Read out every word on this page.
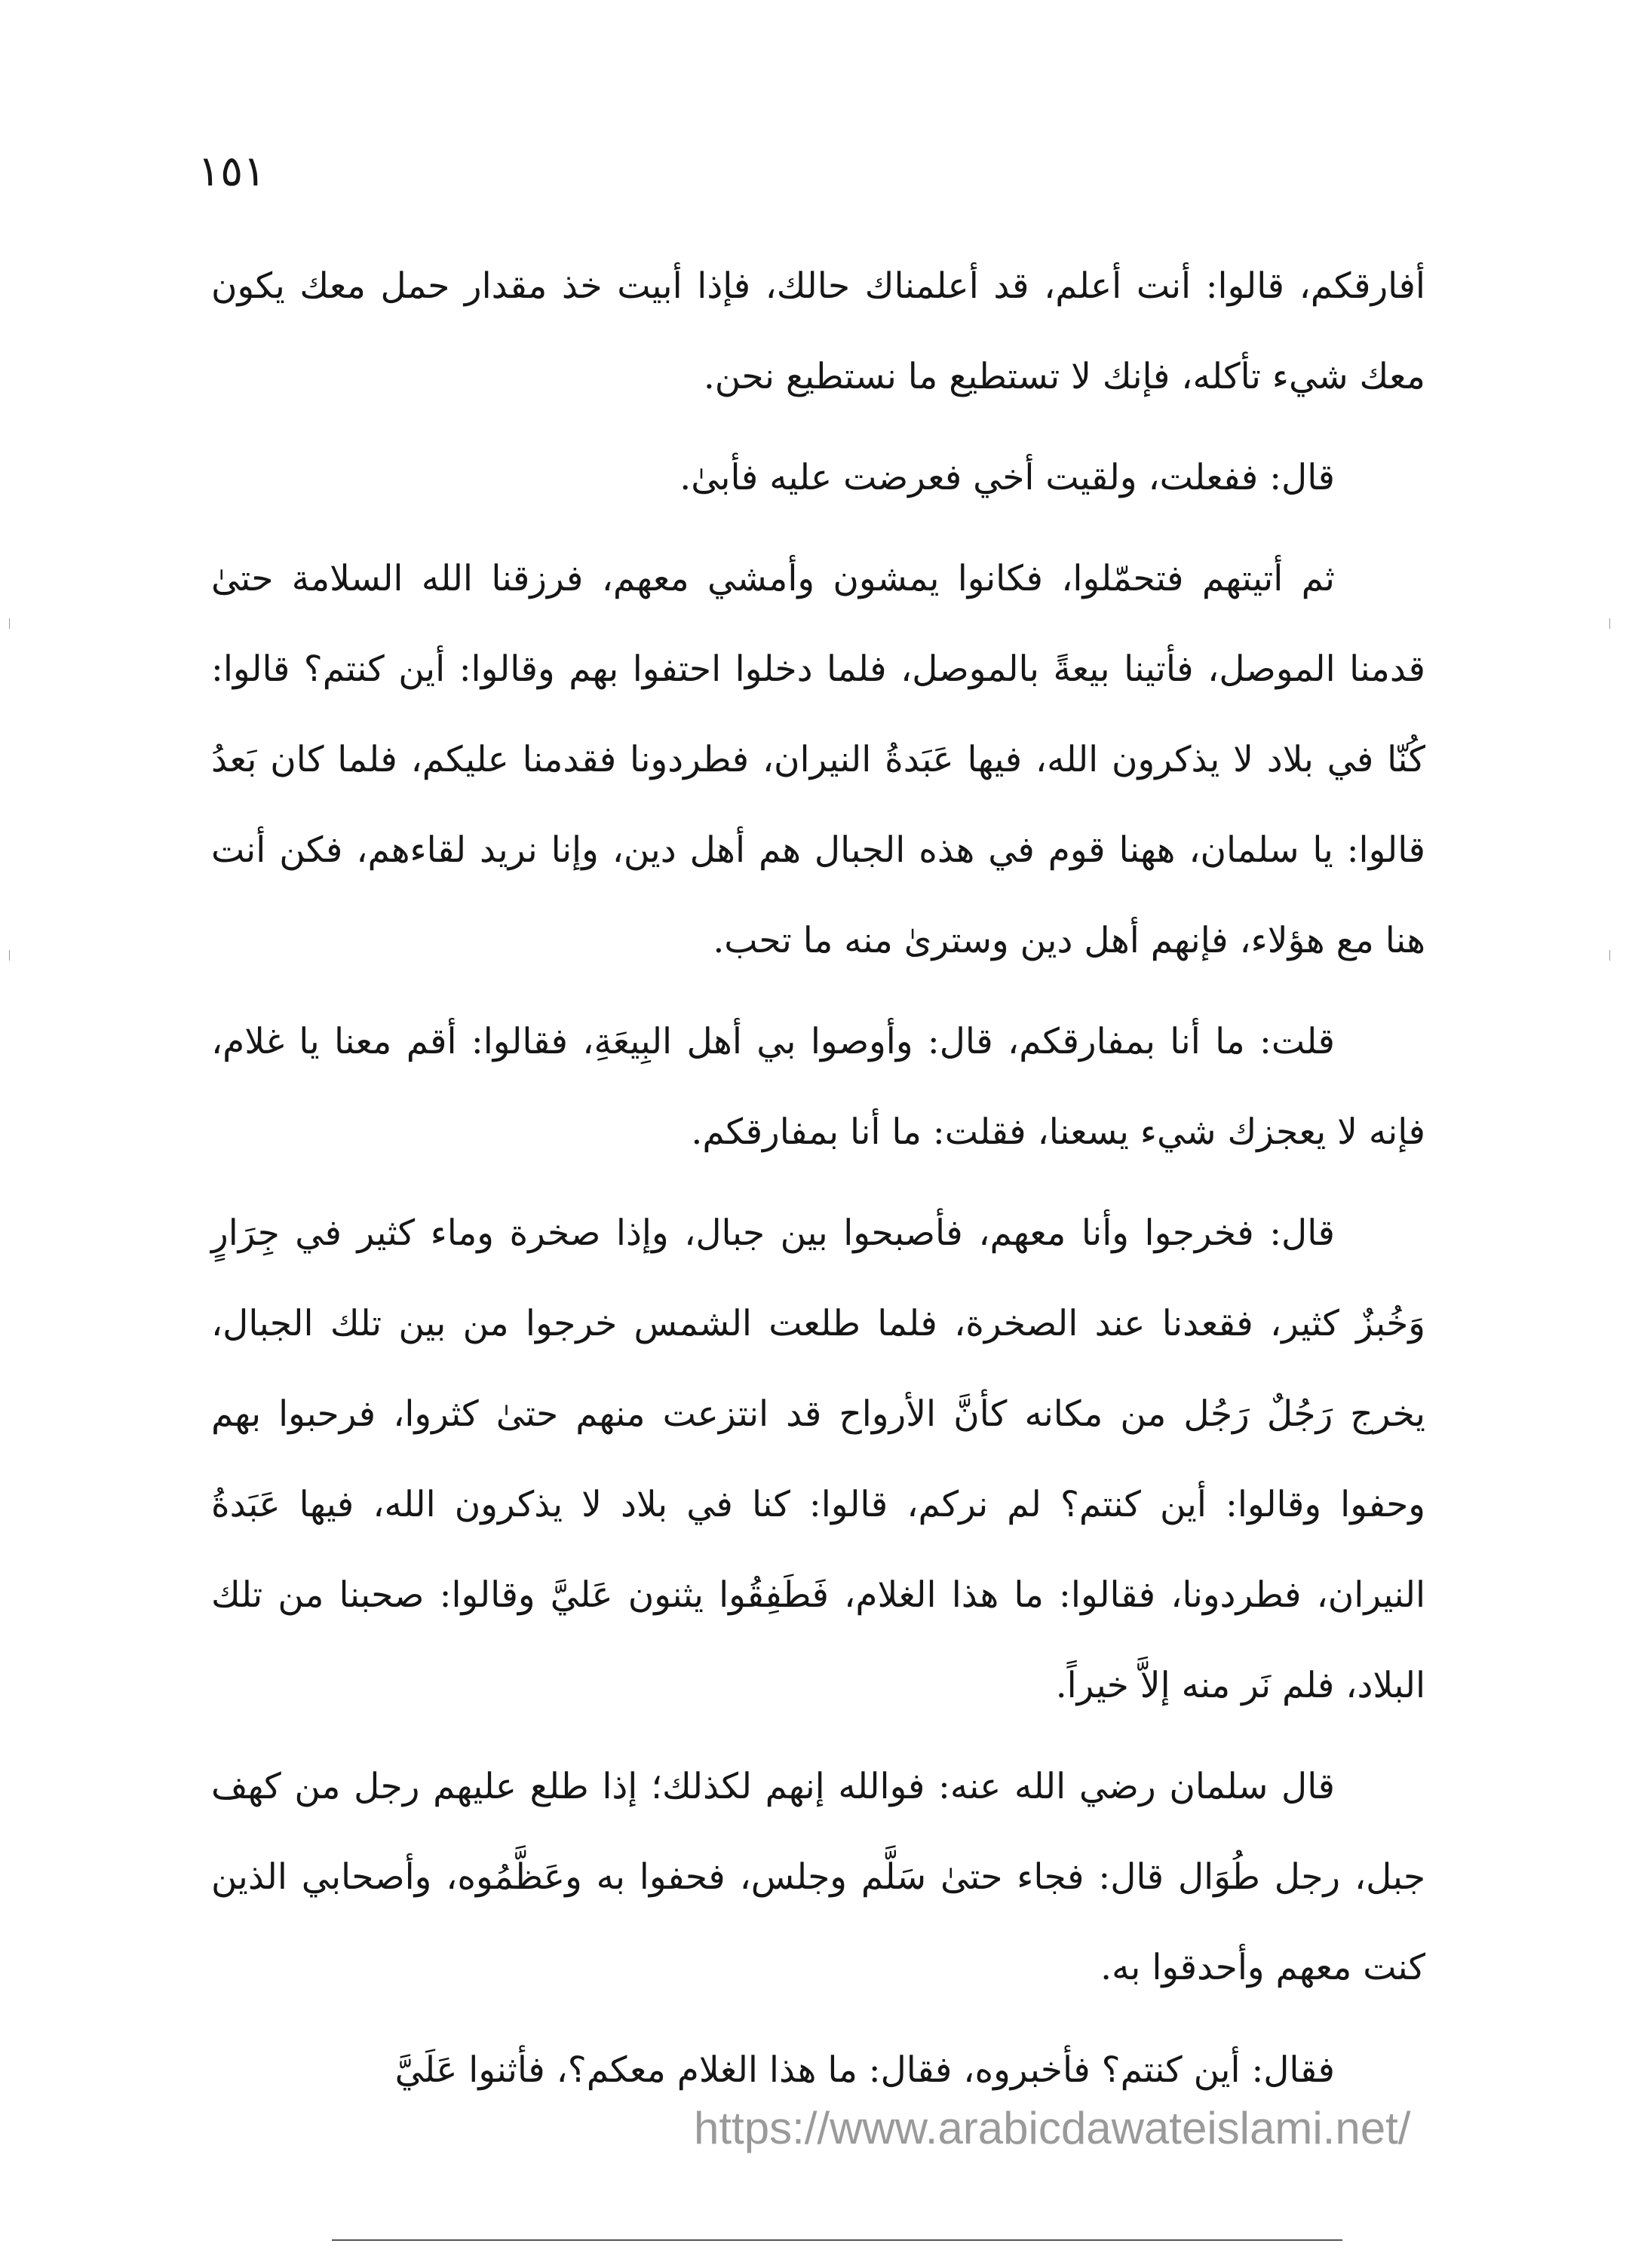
١٥١

أفارقكم، قالوا: أنت أعلم، قد أعلمناك حالك، فإذا أبيت خذ مقدار حمل معك يكون معك شيء تأكله، فإنك لا تستطيع ما نستطيع نحن.

قال: ففعلت، ولقيت أخي فعرضت عليه فأبىٰ.

ثم أتيتهم فتحمّلوا، فكانوا يمشون وأمشي معهم، فرزقنا الله السلامة حتىٰ قدمنا الموصل، فأتينا بيعةً بالموصل، فلما دخلوا احتفوا بهم وقالوا: أين كنتم؟ قالوا: كُنّا في بلاد لا يذكرون الله، فيها عَبَدةُ النيران، فطردونا فقدمنا عليكم، فلما كان بَعدُ قالوا: يا سلمان، ههنا قوم في هذه الجبال هم أهل دين، وإنا نريد لقاءهم، فكن أنت هنا مع هؤلاء، فإنهم أهل دين وسترىٰ منه ما تحب.

قلت: ما أنا بمفارقكم، قال: وأوصوا بي أهل البِيعَةِ، فقالوا: أقم معنا يا غلام، فإنه لا يعجزك شيء يسعنا، فقلت: ما أنا بمفارقكم.

قال: فخرجوا وأنا معهم، فأصبحوا بين جبال، وإذا صخرة وماء كثير في جِرَارٍ وَخُبزٌ كثير، فقعدنا عند الصخرة، فلما طلعت الشمس خرجوا من بين تلك الجبال، يخرج رَجُلٌ رَجُل من مكانه كأنَّ الأرواح قد انتزعت منهم حتىٰ كثروا، فرحبوا بهم وحفوا وقالوا: أين كنتم؟ لم نركم، قالوا: كنا في بلاد لا يذكرون الله، فيها عَبَدةُ النيران، فطردونا، فقالوا: ما هذا الغلام، فَطَفِقُوا يثنون عَليَّ وقالوا: صحبنا من تلك البلاد، فلم نَر منه إلاَّ خيراً.

قال سلمان رضي الله عنه: فوالله إنهم لكذلك؛ إذا طلع عليهم رجل من كهف جبل، رجل طُوَال قال: فجاء حتىٰ سَلَّم وجلس، فحفوا به وعَظَّمُوه، وأصحابي الذين كنت معهم وأحدقوا به.

فقال: أين كنتم؟ فأخبروه، فقال: ما هذا الغلام معكم؟، فأثنوا عَلَيَّ

https://www.arabicdawateislami.net/
